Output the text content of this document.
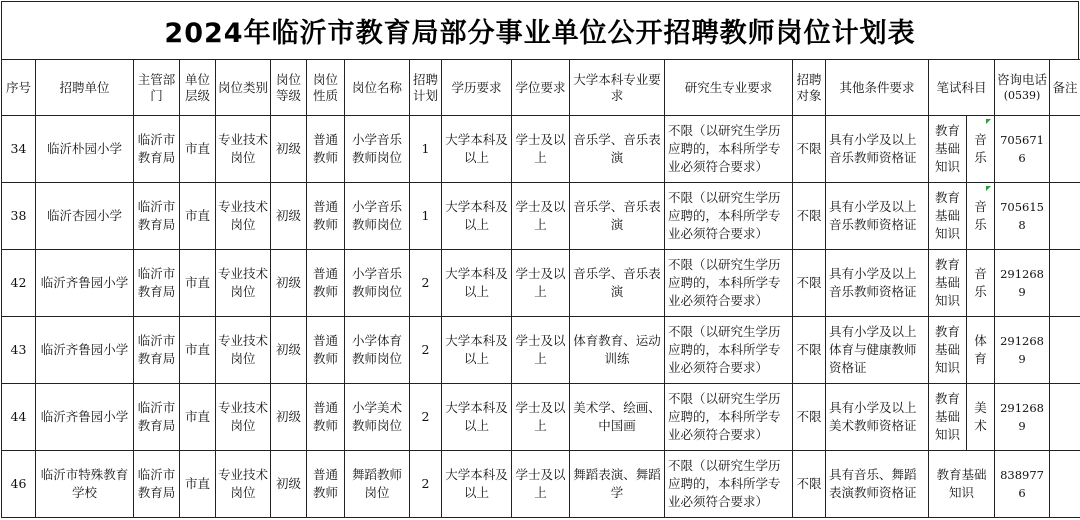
2024年临沂市教育局部分事业单位公开招聘教师岗位计划表
序号	招聘单位	主管部门	单位层级	岗位类别	岗位等级	岗位性质	岗位名称	招聘计划	学历要求	学位要求	大学本科专业要求	研究生专业要求	招聘对象	其他条件要求	笔试科目		咨询电话
(0539)	备注
34	临沂朴园小学	临沂市教育局	市直	专业技术岗位	初级	普通教师	小学音乐教师岗位	1	大学本科及以上	学士及以上	音乐学、音乐表演	不限（以研究生学历应聘的，本科所学专业必须符合要求）	不限	具有小学及以上音乐教师资格证	教育基础知识	音乐	7056716	
38	临沂杏园小学	临沂市教育局	市直	专业技术岗位	初级	普通教师	小学音乐教师岗位	1	大学本科及以上	学士及以上	音乐学、音乐表演	不限（以研究生学历应聘的，本科所学专业必须符合要求）	不限	具有小学及以上音乐教师资格证	教育基础知识	音乐	7056158	
42	临沂齐鲁园小学	临沂市教育局	市直	专业技术岗位	初级	普通教师	小学音乐教师岗位	2	大学本科及以上	学士及以上	音乐学、音乐表演	不限（以研究生学历应聘的，本科所学专业必须符合要求）	不限	具有小学及以上音乐教师资格证	教育基础知识	音乐	2912689	
43	临沂齐鲁园小学	临沂市教育局	市直	专业技术岗位	初级	普通教师	小学体育教师岗位	2	大学本科及以上	学士及以上	体育教育、运动训练	不限（以研究生学历应聘的，本科所学专业必须符合要求）	不限	具有小学及以上体育与健康教师资格证	教育基础知识	体育	2912689	
44	临沂齐鲁园小学	临沂市教育局	市直	专业技术岗位	初级	普通教师	小学美术教师岗位	2	大学本科及以上	学士及以上	美术学、绘画、中国画	不限（以研究生学历应聘的，本科所学专业必须符合要求）	不限	具有小学及以上美术教师资格证	教育基础知识	美术	2912689	
46	临沂市特殊教育学校	临沂市教育局	市直	专业技术岗位	初级	普通教师	舞蹈教师岗位	2	大学本科及以上	学士及以上	舞蹈表演、舞蹈学	不限（以研究生学历应聘的，本科所学专业必须符合要求）	不限	具有音乐、舞蹈表演教师资格证	教育基础知识		8389776	
